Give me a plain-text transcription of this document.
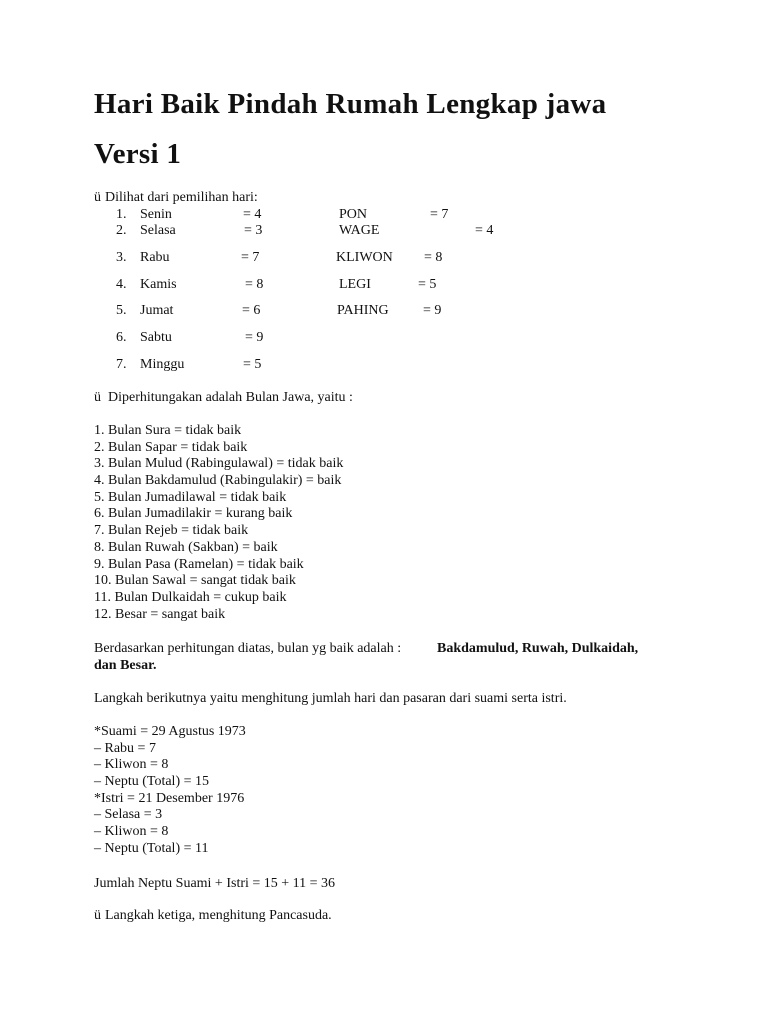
Hari Baik Pindah Rumah Lengkap jawa
Versi 1
ü Dilihat dari pemilihan hari:
1. Senin	= 4	PON	= 7
2. Selasa	= 3	WAGE	= 4
3. Rabu	= 7	KLIWON = 8
4. Kamis	= 8	LEGI	= 5
5. Jumat	= 6	PAHING = 9
6. Sabtu	= 9
7. Minggu	= 5
ü Diperhitungakan adalah Bulan Jawa, yaitu :
1. Bulan Sura = tidak baik
2. Bulan Sapar = tidak baik
3. Bulan Mulud (Rabingulawal) = tidak baik
4. Bulan Bakdamulud (Rabingulakir) = baik
5. Bulan Jumadilawal = tidak baik
6. Bulan Jumadilakir = kurang baik
7. Bulan Rejeb = tidak baik
8. Bulan Ruwah (Sakban) = baik
9. Bulan Pasa (Ramelan) = tidak baik
10. Bulan Sawal = sangat tidak baik
11. Bulan Dulkaidah = cukup baik
12. Besar = sangat baik
Berdasarkan perhitungan diatas, bulan yg baik adalah :	Bakdamulud, Ruwah, Dulkaidah,
dan Besar.
Langkah berikutnya yaitu menghitung jumlah hari dan pasaran dari suami serta istri.
*Suami = 29 Agustus 1973
– Rabu = 7
– Kliwon = 8
– Neptu (Total) = 15
*Istri = 21 Desember 1976
– Selasa = 3
– Kliwon = 8
– Neptu (Total) = 11
Jumlah Neptu Suami + Istri = 15 + 11 = 36
ü Langkah ketiga, menghitung Pancasuda.
